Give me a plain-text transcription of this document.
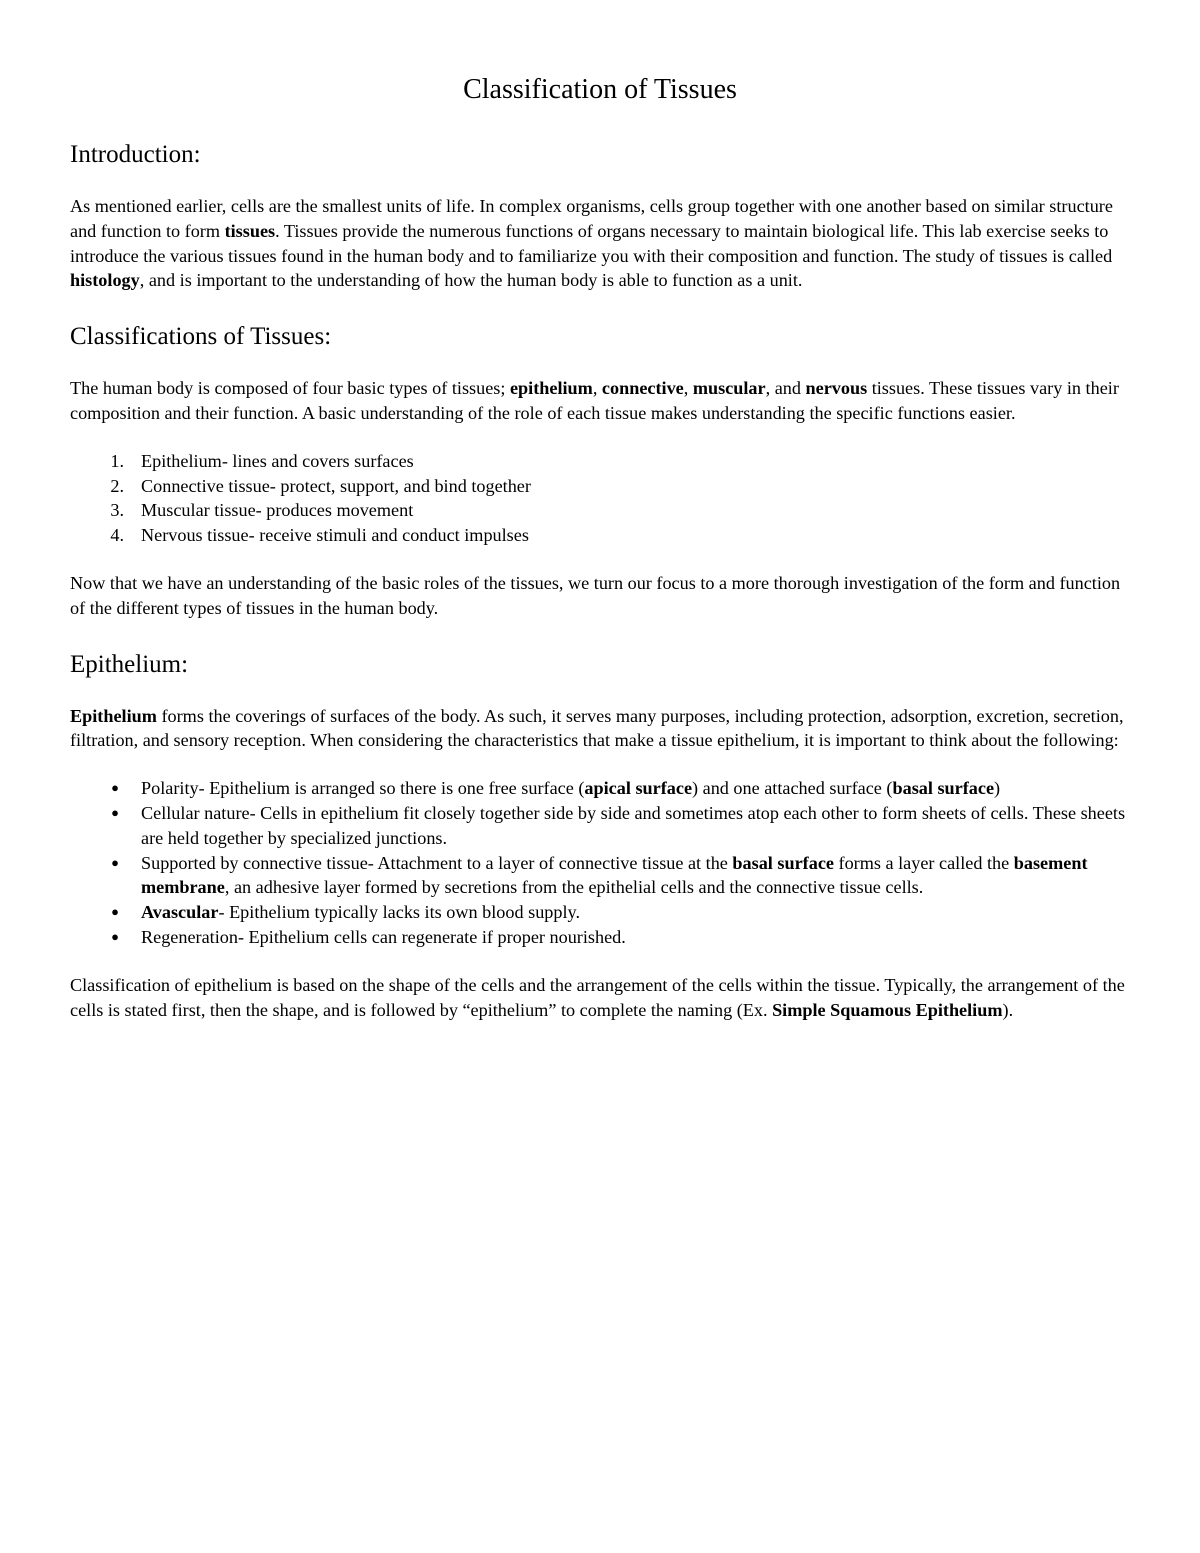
Classification of Tissues
Introduction:

As mentioned earlier, cells are the smallest units of life. In complex organisms, cells group together with one another based on similar structure and function to form tissues. Tissues provide the numerous functions of organs necessary to maintain biological life. This lab exercise seeks to introduce the various tissues found in the human body and to familiarize you with their composition and function. The study of tissues is called histology, and is important to the understanding of how the human body is able to function as a unit.

Classifications of Tissues:

The human body is composed of four basic types of tissues; epithelium, connective, muscular, and nervous tissues. These tissues vary in their composition and their function. A basic understanding of the role of each tissue makes understanding the specific functions easier.

1. Epithelium- lines and covers surfaces
2. Connective tissue- protect, support, and bind together
3. Muscular tissue- produces movement
4. Nervous tissue- receive stimuli and conduct impulses

Now that we have an understanding of the basic roles of the tissues, we turn our focus to a more thorough investigation of the form and function of the different types of tissues in the human body.

Epithelium:

Epithelium forms the coverings of surfaces of the body. As such, it serves many purposes, including protection, adsorption, excretion, secretion, filtration, and sensory reception. When considering the characteristics that make a tissue epithelium, it is important to think about the following:

● Polarity- Epithelium is arranged so there is one free surface (apical surface) and one attached surface (basal surface)
● Cellular nature- Cells in epithelium fit closely together side by side and sometimes atop each other to form sheets of cells. These sheets are held together by specialized junctions.
● Supported by connective tissue- Attachment to a layer of connective tissue at the basal surface forms a layer called the basement membrane, an adhesive layer formed by secretions from the epithelial cells and the connective tissue cells.
● Avascular- Epithelium typically lacks its own blood supply.
● Regeneration- Epithelium cells can regenerate if proper nourished.

Classification of epithelium is based on the shape of the cells and the arrangement of the cells within the tissue. Typically, the arrangement of the cells is stated first, then the shape, and is followed by “epithelium” to complete the naming (Ex. Simple Squamous Epithelium).
